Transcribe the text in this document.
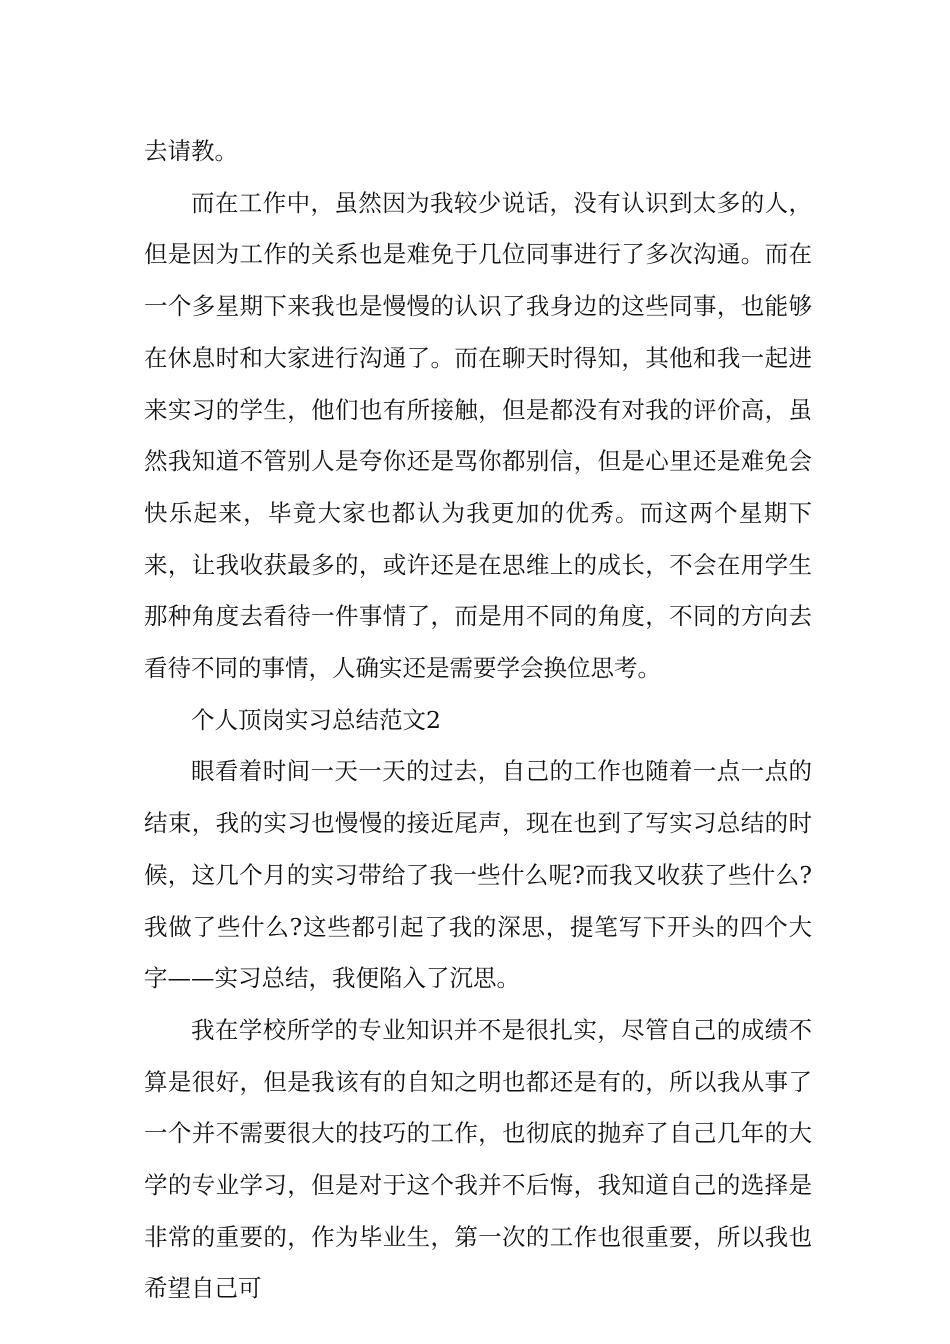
去请教。

而在工作中，虽然因为我较少说话，没有认识到太多的人，但是因为工作的关系也是难免于几位同事进行了多次沟通。而在一个多星期下来我也是慢慢的认识了我身边的这些同事，也能够在休息时和大家进行沟通了。而在聊天时得知，其他和我一起进来实习的学生，他们也有所接触，但是都没有对我的评价高，虽然我知道不管别人是夸你还是骂你都别信，但是心里还是难免会快乐起来，毕竟大家也都认为我更加的优秀。而这两个星期下来，让我收获最多的，或许还是在思维上的成长，不会在用学生那种角度去看待一件事情了，而是用不同的角度，不同的方向去看待不同的事情，人确实还是需要学会换位思考。

个人顶岗实习总结范文2

眼看着时间一天一天的过去，自己的工作也随着一点一点的结束，我的实习也慢慢的接近尾声，现在也到了写实习总结的时候，这几个月的实习带给了我一些什么呢?而我又收获了些什么?我做了些什么?这些都引起了我的深思，提笔写下开头的四个大字——实习总结，我便陷入了沉思。

我在学校所学的专业知识并不是很扎实，尽管自己的成绩不算是很好，但是我该有的自知之明也都还是有的，所以我从事了一个并不需要很大的技巧的工作，也彻底的抛弃了自己几年的大学的专业学习，但是对于这个我并不后悔，我知道自己的选择是非常的重要的，作为毕业生，第一次的工作也很重要，所以我也希望自己可
